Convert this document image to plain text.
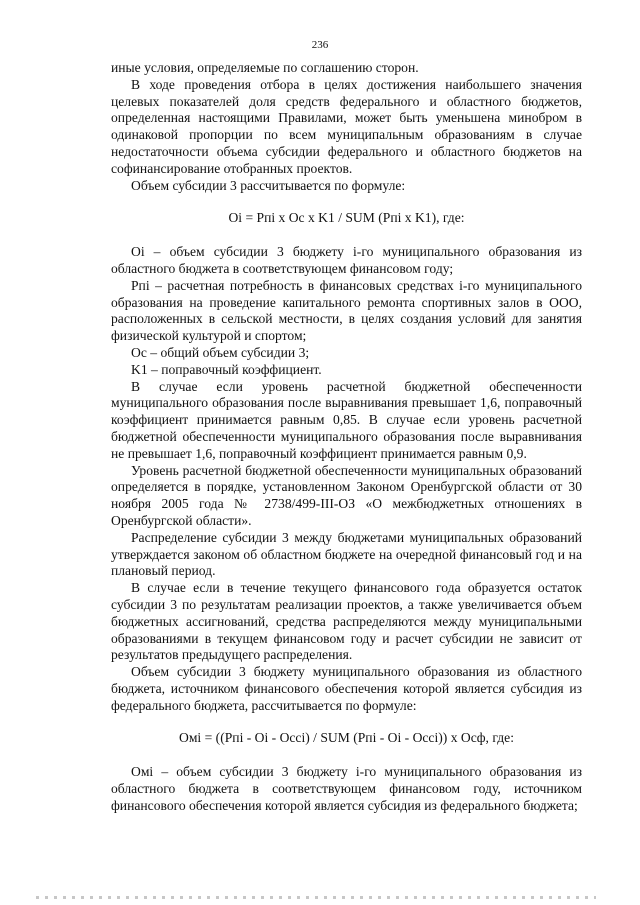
236

иные условия, определяемые по соглашению сторон.

В ходе проведения отбора в целях достижения наибольшего значения целевых показателей доля средств федерального и областного бюджетов, определенная настоящими Правилами, может быть уменьшена минобром в одинаковой пропорции по всем муниципальным образованиям в случае недостаточности объема субсидии федерального и областного бюджетов на софинансирование отобранных проектов.

Объем субсидии 3 рассчитывается по формуле:

Oi = Pпi x Oc x K1 / SUM (Pпi x K1), где:

Oi – объем субсидии 3 бюджету i-го муниципального образования из областного бюджета в соответствующем финансовом году;

Pпi – расчетная потребность в финансовых средствах i-го муниципального образования на проведение капитального ремонта спортивных залов в ООО, расположенных в сельской местности, в целях создания условий для занятия физической культурой и спортом;

Oc – общий объем субсидии 3;

K1 – поправочный коэффициент.

В случае если уровень расчетной бюджетной обеспеченности муниципального образования после выравнивания превышает 1,6, поправочный коэффициент принимается равным 0,85. В случае если уровень расчетной бюджетной обеспеченности муниципального образования после выравнивания не превышает 1,6, поправочный коэффициент принимается равным 0,9.

Уровень расчетной бюджетной обеспеченности муниципальных образований определяется в порядке, установленном Законом Оренбургской области от 30 ноября 2005 года № 2738/499-III-ОЗ «О межбюджетных отношениях в Оренбургской области».

Распределение субсидии 3 между бюджетами муниципальных образований утверждается законом об областном бюджете на очередной финансовый год и на плановый период.

В случае если в течение текущего финансового года образуется остаток субсидии 3 по результатам реализации проектов, а также увеличивается объем бюджетных ассигнований, средства распределяются между муниципальными образованиями в текущем финансовом году и расчет субсидии не зависит от результатов предыдущего распределения.

Объем субсидии 3 бюджету муниципального образования из областного бюджета, источником финансового обеспечения которой является субсидия из федерального бюджета, рассчитывается по формуле:

Oмi = ((Pпi - Oi - Occi) / SUM (Pпi - Oi - Occi)) x Ocф, где:

Oмi – объем субсидии 3 бюджету i-го муниципального образования из областного бюджета в соответствующем финансовом году, источником финансового обеспечения которой является субсидия из федерального бюджета;
